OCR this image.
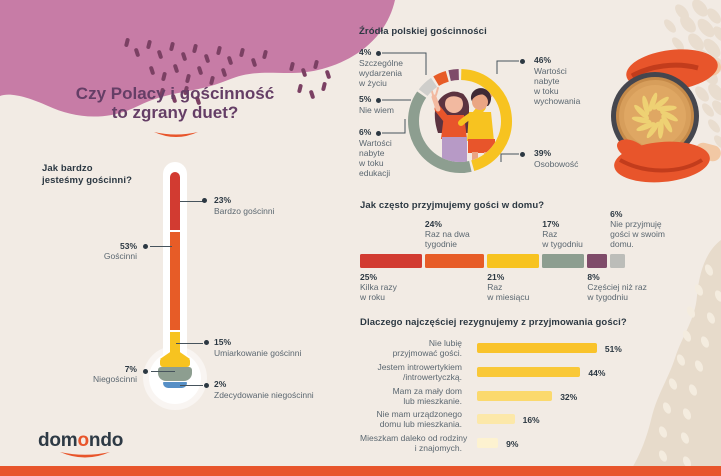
Czy Polacy i gościnność
to zgrany duet?
Jak bardzo
jesteśmy gościnni?
23%
Bardzo gościnni
53%
Gościnni
15%
Umiarkowanie gościnni
7%
Niegościnni
2%
Zdecydowanie niegościnni
Źródła polskiej gościnności
46%
Wartości
nabyte
w toku
wychowania
39%
Osobowość
6%
Wartości
nabyte
w toku
edukacji
5%
Nie wiem
4%
Szczególne
wydarzenia
w życiu
Jak często przyjmujemy gości w domu?
25%
Kilka razy
w roku
24%
Raz na dwa
tygodnie
21%
Raz
w miesiącu
17%
Raz
w tygodniu
8%
Częściej niż raz
w tygodniu
6%
Nie przyjmuję
gości w swoim
domu.
Dlaczego najczęściej rezygnujemy z przyjmowania gości?
Nie lubię
przyjmować gości.	51%
Jestem introwertykiem
/introwertyczką.	44%
Mam za mały dom
lub mieszkanie.	32%
Nie mam urządzonego
domu lub mieszkania.	16%
Mieszkam daleko od rodziny
i znajomych.	9%
domondo
